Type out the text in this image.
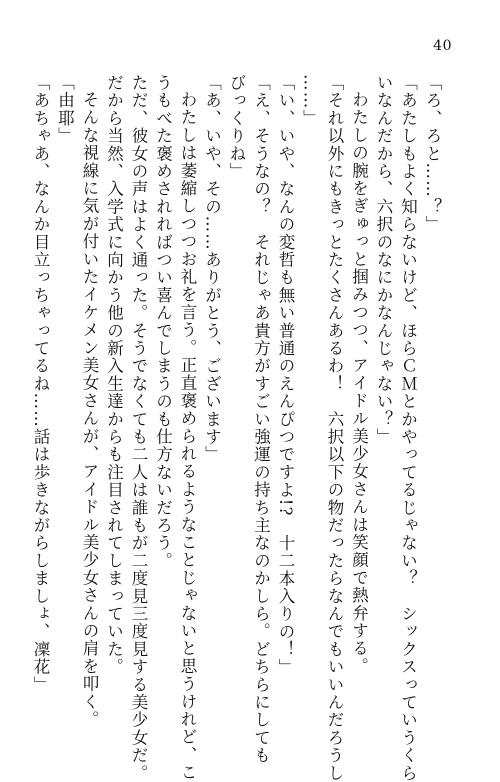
40
「ろ、ろと……？」
「あたしもよく知らないけど、ほらＣＭとかやってるじゃない？　シックスっていうくら
いなんだから、六択のなにかなんじゃない？」
わたしの腕をぎゅっと掴みつつ、アイドル美少女さんは笑顔で熱弁する。
「それ以外にもきっとたくさんあるわ！　六択以下の物だったらなんでもいいんだろうし
……」
「い、いや、なんの変哲も無い普通のえんぴつですよ!?　十二本入りの！」
「え、そうなの？　それじゃあ貴方がすごい強運の持ち主なのかしら。どちらにしても
びっくりね」
「あ、いや、その……ありがとう、ございます」
わたしは萎縮しつつお礼を言う。正直褒められるようなことじゃないと思うけれど、こ
うもべた褒めされればつい喜んでしまうのも仕方ないだろう。
ただ、彼女の声はよく通った。そうでなくても二人は誰もが二度見三度見する美少女だ。
だから当然、入学式に向かう他の新入生達からも注目されてしまっていた。
そんな視線に気が付いたイケメン美女さんが、アイドル美少女さんの肩を叩く。
「由耶」
「あちゃあ、なんか目立っちゃってるね……話は歩きながらしましょ、凜花」
